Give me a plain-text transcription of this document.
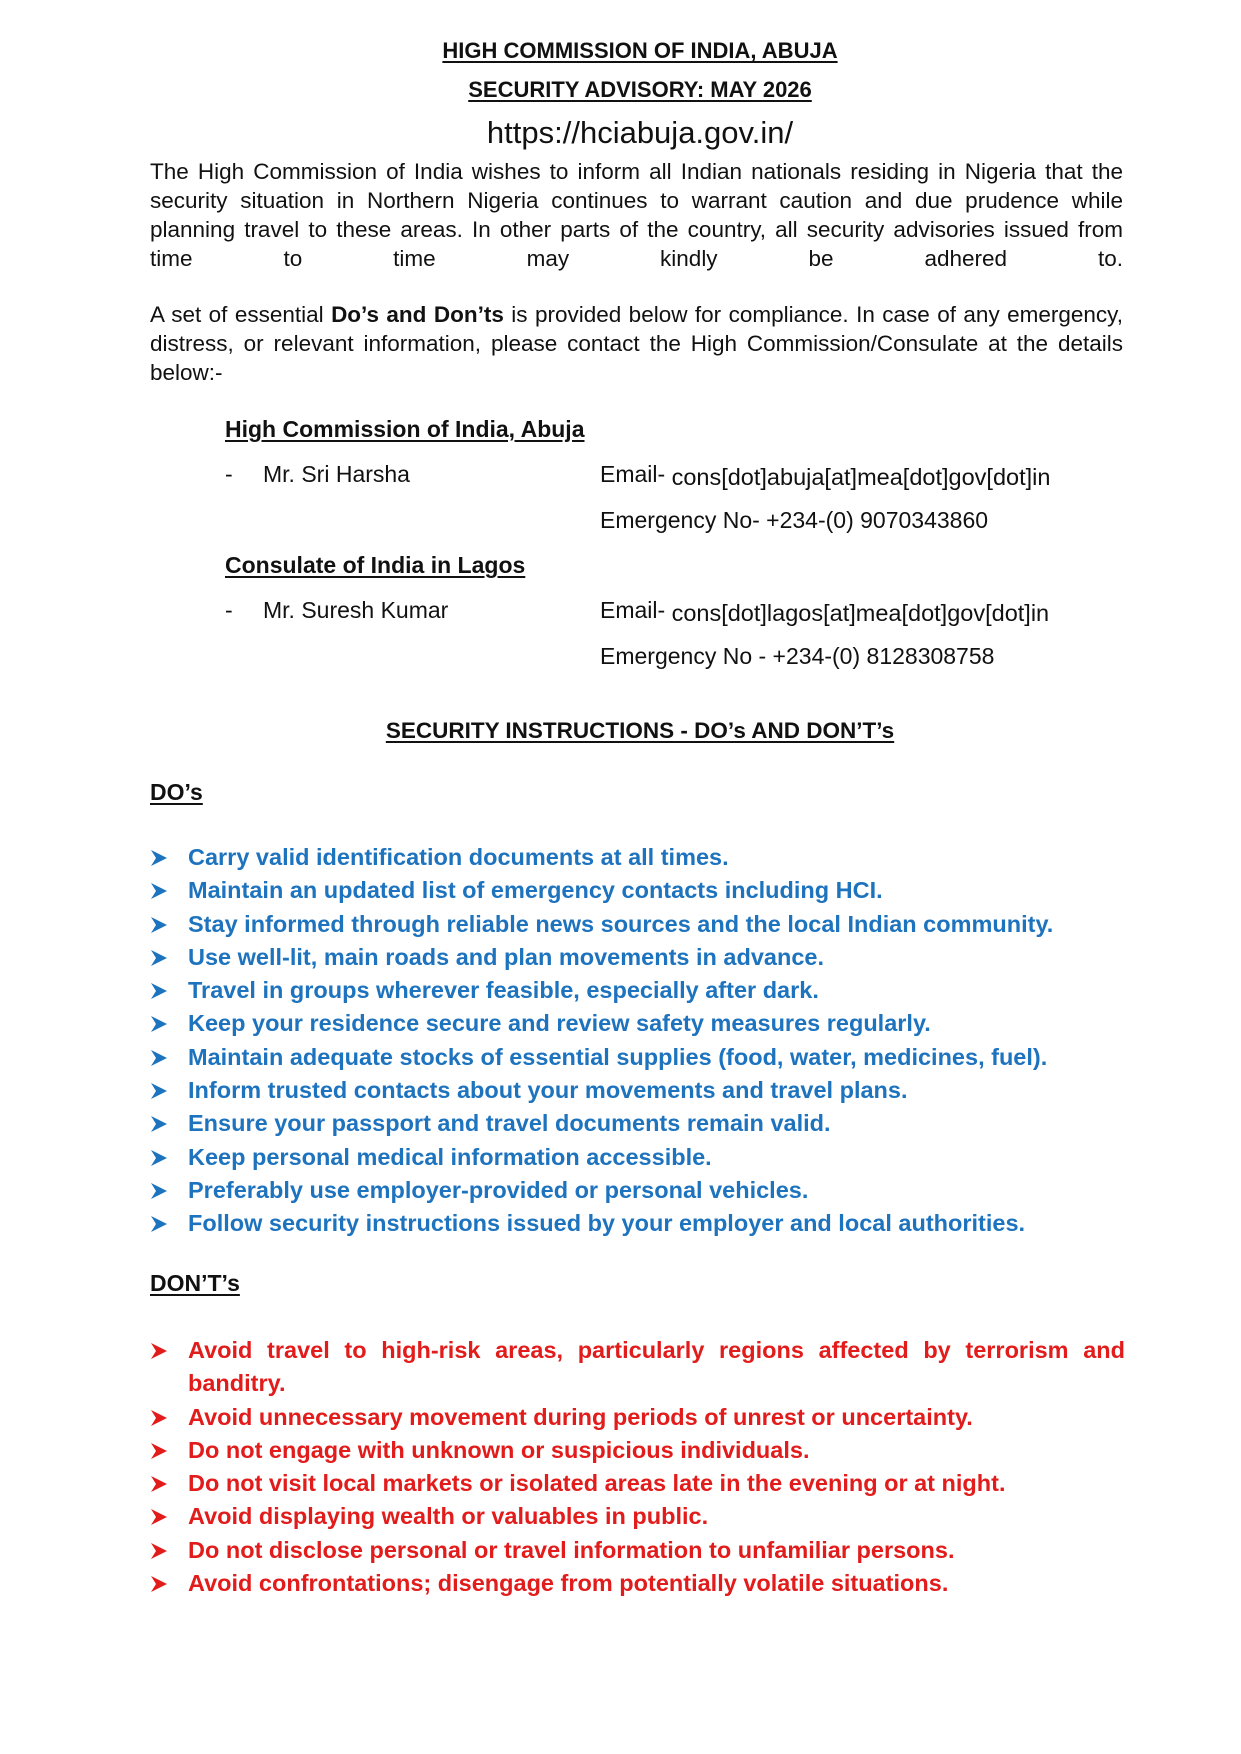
HIGH COMMISSION OF INDIA, ABUJA
SECURITY ADVISORY: MAY 2026
https://hciabuja.gov.in/
The High Commission of India wishes to inform all Indian nationals residing in Nigeria that the security situation in Northern Nigeria continues to warrant caution and due prudence while planning travel to these areas. In other parts of the country, all security advisories issued from time to time may kindly be adhered to.
A set of essential Do’s and Don’ts is provided below for compliance. In case of any emergency, distress, or relevant information, please contact the High Commission/Consulate at the details below:-
High Commission of India, Abuja
- Mr. Sri Harsha	Email- cons[dot]abuja[at]mea[dot]gov[dot]in
Emergency No- +234-(0) 9070343860
Consulate of India in Lagos
- Mr. Suresh Kumar	Email- cons[dot]lagos[at]mea[dot]gov[dot]in
Emergency No - +234-(0) 8128308758
SECURITY INSTRUCTIONS - DO’s AND DON’T’s
DO’s
Carry valid identification documents at all times.
Maintain an updated list of emergency contacts including HCI.
Stay informed through reliable news sources and the local Indian community.
Use well-lit, main roads and plan movements in advance.
Travel in groups wherever feasible, especially after dark.
Keep your residence secure and review safety measures regularly.
Maintain adequate stocks of essential supplies (food, water, medicines, fuel).
Inform trusted contacts about your movements and travel plans.
Ensure your passport and travel documents remain valid.
Keep personal medical information accessible.
Preferably use employer-provided or personal vehicles.
Follow security instructions issued by your employer and local authorities.
DON’T’s
Avoid travel to high-risk areas, particularly regions affected by terrorism and banditry.
Avoid unnecessary movement during periods of unrest or uncertainty.
Do not engage with unknown or suspicious individuals.
Do not visit local markets or isolated areas late in the evening or at night.
Avoid displaying wealth or valuables in public.
Do not disclose personal or travel information to unfamiliar persons.
Avoid confrontations; disengage from potentially volatile situations.
